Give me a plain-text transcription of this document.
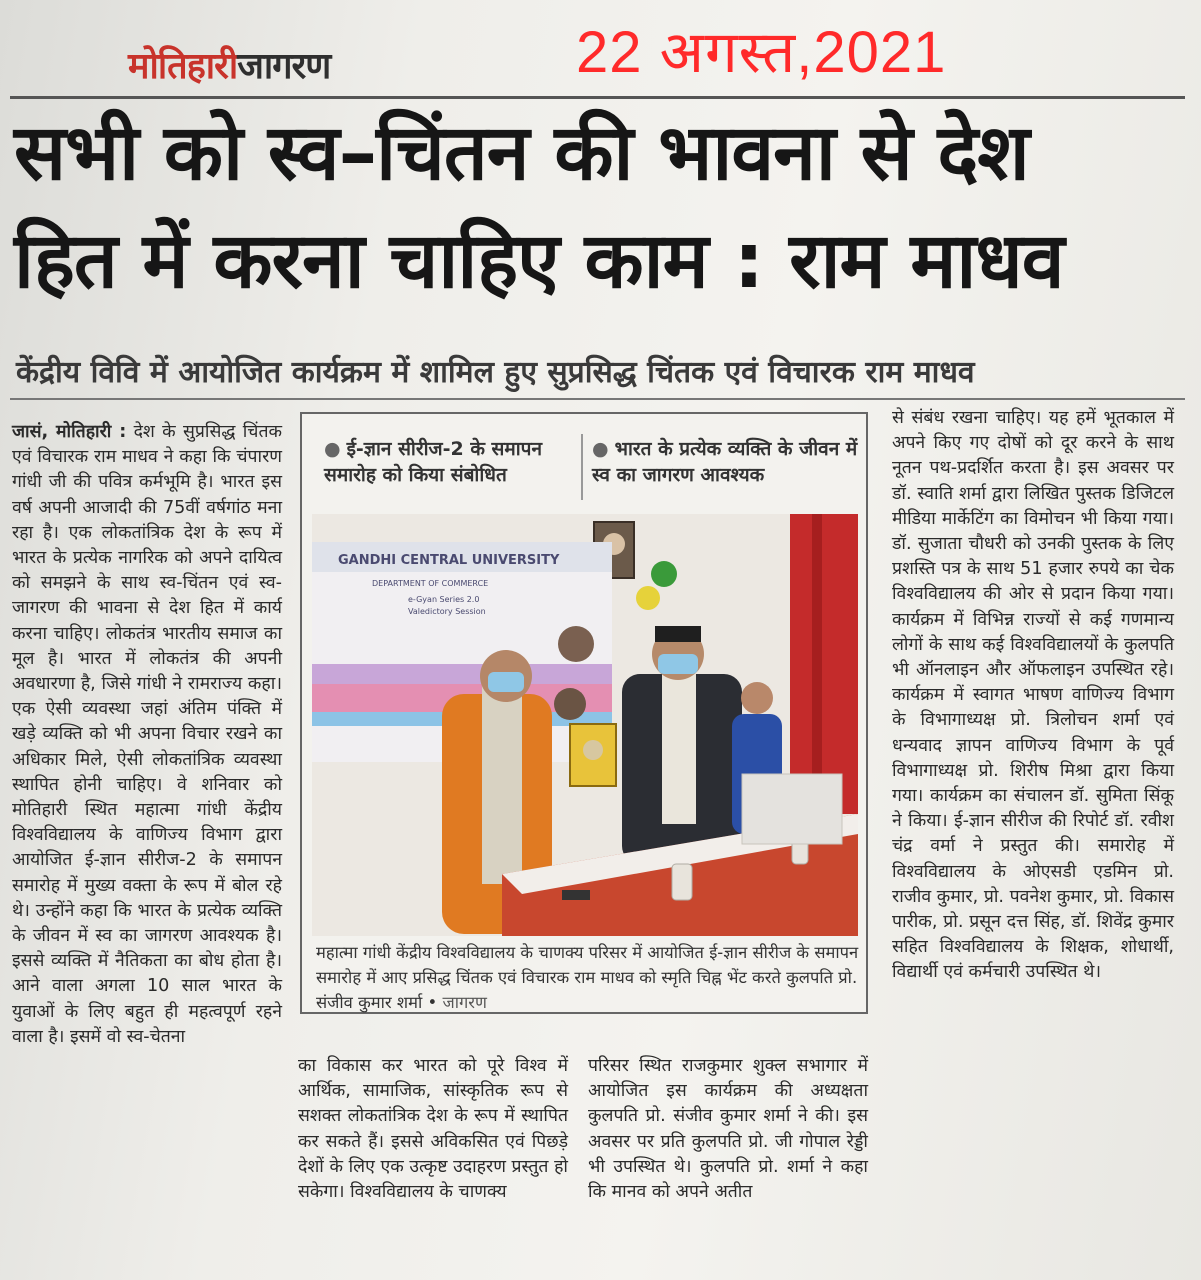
मोतिहारी जागरण	22 अगस्त,2021
सभी को स्व–चिंतन की भावना से देश
हित में करना चाहिए काम : राम माधव
केंद्रीय विवि में आयोजित कार्यक्रम में शामिल हुए सुप्रसिद्ध चिंतक एवं विचारक राम माधव
जासं, मोतिहारी : देश के सुप्रसिद्ध चिंतक एवं विचारक राम माधव ने कहा कि चंपारण गांधी जी की पवित्र कर्मभूमि है। भारत इस वर्ष अपनी आजादी की 75वीं वर्षगांठ मना रहा है। एक लोकतांत्रिक देश के रूप में भारत के प्रत्येक नागरिक को अपने दायित्व को समझने के साथ स्व-चिंतन एवं स्व-जागरण की भावना से देश हित में कार्य करना चाहिए। लोकतंत्र भारतीय समाज का मूल है। भारत में लोकतंत्र की अपनी अवधारणा है, जिसे गांधी ने रामराज्य कहा। एक ऐसी व्यवस्था जहां अंतिम पंक्ति में खड़े व्यक्ति को भी अपना विचार रखने का अधिकार मिले, ऐसी लोकतांत्रिक व्यवस्था स्थापित होनी चाहिए। वे शनिवार को मोतिहारी स्थित महात्मा गांधी केंद्रीय विश्वविद्यालय के वाणिज्य विभाग द्वारा आयोजित ई-ज्ञान सीरीज-2 के समापन समारोह में मुख्य वक्ता के रूप में बोल रहे थे। उन्होंने कहा कि भारत के प्रत्येक व्यक्ति के जीवन में स्व का जागरण आवश्यक है। इससे व्यक्ति में नैतिकता का बोध होता है। आने वाला अगला 10 साल भारत के युवाओं के लिए बहुत ही महत्वपूर्ण रहने वाला है। इसमें वो स्व-चेतना
● ई-ज्ञान सीरीज-2 के समापन समारोह को किया संबोधित
● भारत के प्रत्येक व्यक्ति के जीवन में स्व का जागरण आवश्यक
GANDHI CENTRAL UNIVERSITY
DEPARTMENT OF COMMERCE
e-Gyan Series 2.0
Valedictory Session
महात्मा गांधी केंद्रीय विश्वविद्यालय के चाणक्य परिसर में आयोजित ई-ज्ञान सीरीज के समापन समारोह में आए प्रसिद्ध चिंतक एवं विचारक राम माधव को स्मृति चिह्न भेंट करते कुलपति प्रो. संजीव कुमार शर्मा • जागरण
का विकास कर भारत को पूरे विश्व में आर्थिक, सामाजिक, सांस्कृतिक रूप से सशक्त लोकतांत्रिक देश के रूप में स्थापित कर सकते हैं। इससे अविकसित एवं पिछड़े देशों के लिए एक उत्कृष्ट उदाहरण प्रस्तुत हो सकेगा। विश्वविद्यालय के चाणक्य
परिसर स्थित राजकुमार शुक्ल सभागार में आयोजित इस कार्यक्रम की अध्यक्षता कुलपति प्रो. संजीव कुमार शर्मा ने की। इस अवसर पर प्रति कुलपति प्रो. जी गोपाल रेड्डी भी उपस्थित थे। कुलपति प्रो. शर्मा ने कहा कि मानव को अपने अतीत
से संबंध रखना चाहिए। यह हमें भूतकाल में अपने किए गए दोषों को दूर करने के साथ नूतन पथ-प्रदर्शित करता है। इस अवसर पर डॉ. स्वाति शर्मा द्वारा लिखित पुस्तक डिजिटल मीडिया मार्केटिंग का विमोचन भी किया गया। डॉ. सुजाता चौधरी को उनकी पुस्तक के लिए प्रशस्ति पत्र के साथ 51 हजार रुपये का चेक विश्वविद्यालय की ओर से प्रदान किया गया। कार्यक्रम में विभिन्न राज्यों से कई गणमान्य लोगों के साथ कई विश्वविद्यालयों के कुलपति भी ऑनलाइन और ऑफलाइन उपस्थित रहे। कार्यक्रम में स्वागत भाषण वाणिज्य विभाग के विभागाध्यक्ष प्रो. त्रिलोचन शर्मा एवं धन्यवाद ज्ञापन वाणिज्य विभाग के पूर्व विभागाध्यक्ष प्रो. शिरीष मिश्रा द्वारा किया गया। कार्यक्रम का संचालन डॉ. सुमिता सिंकू ने किया। ई-ज्ञान सीरीज की रिपोर्ट डॉ. रवीश चंद्र वर्मा ने प्रस्तुत की। समारोह में विश्वविद्यालय के ओएसडी एडमिन प्रो. राजीव कुमार, प्रो. पवनेश कुमार, प्रो. विकास पारीक, प्रो. प्रसून दत्त सिंह, डॉ. शिवेंद्र कुमार सहित विश्वविद्यालय के शिक्षक, शोधार्थी, विद्यार्थी एवं कर्मचारी उपस्थित थे।
